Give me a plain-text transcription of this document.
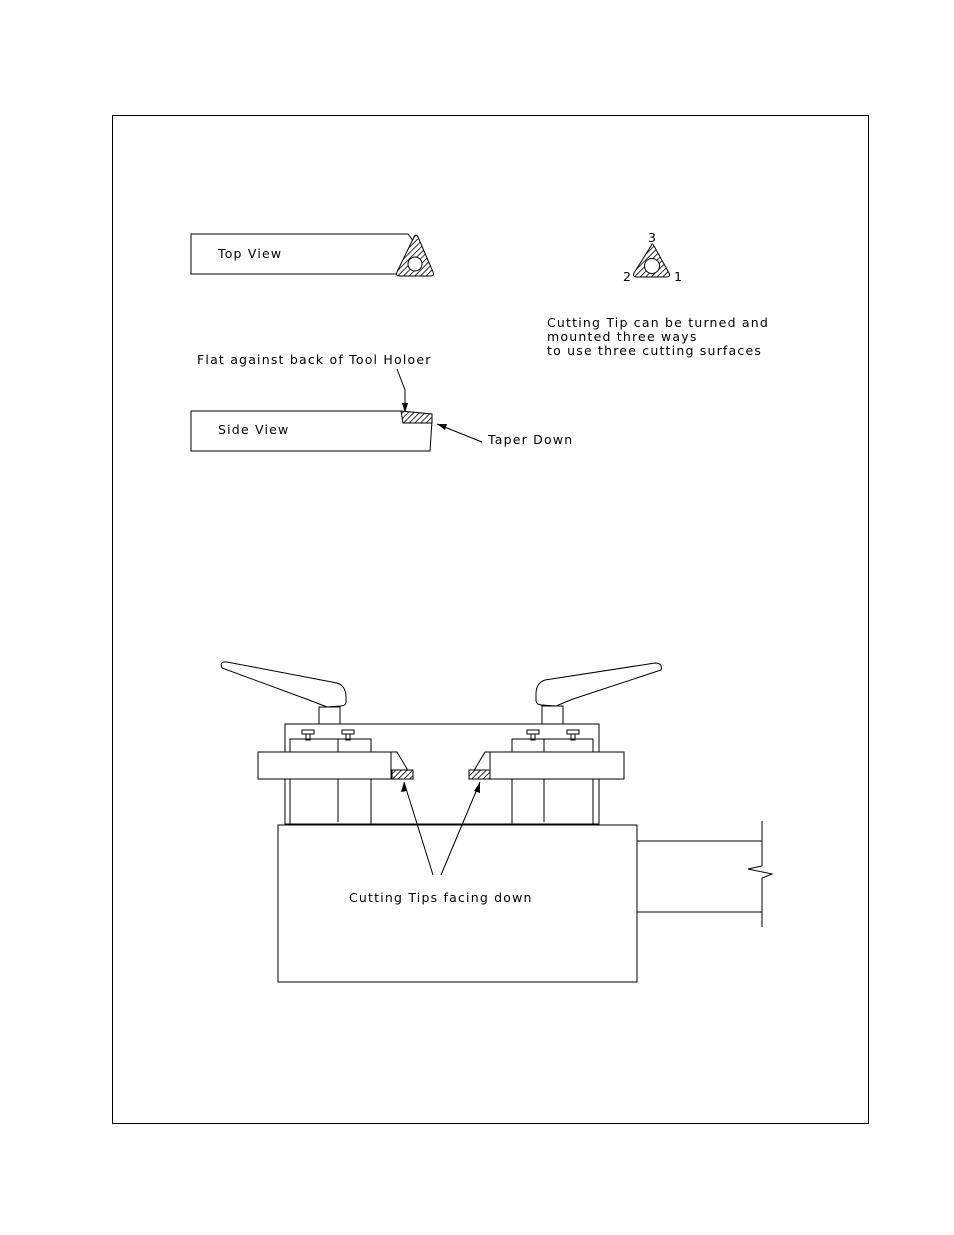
Top View
3
2	1
Cutting Tip can be turned and
mounted three ways
to use three cutting surfaces
Flat against back of Tool Holoer
Side View
Taper Down
Cutting Tips facing down
